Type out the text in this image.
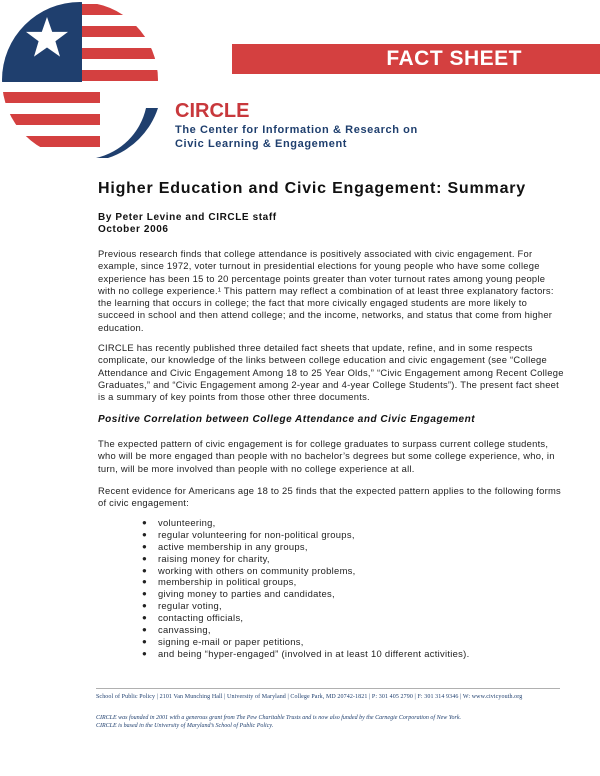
FACT SHEET
CIRCLE
The Center for Information & Research on
Civic Learning & Engagement
Higher Education and Civic Engagement: Summary
By Peter Levine and CIRCLE staff
October 2006

Previous research finds that college attendance is positively associated with civic engagement. For example, since 1972, voter turnout in presidential elections for young people who have some college experience has been 15 to 20 percentage points greater than voter turnout rates among young people with no college experience.¹ This pattern may reflect a combination of at least three explanatory factors: the learning that occurs in college; the fact that more civically engaged students are more likely to succeed in school and then attend college; and the income, networks, and status that come from higher education.

CIRCLE has recently published three detailed fact sheets that update, refine, and in some respects complicate, our knowledge of the links between college education and civic engagement (see “College Attendance and Civic Engagement Among 18 to 25 Year Olds,” “Civic Engagement among Recent College Graduates,” and “Civic Engagement among 2-year and 4-year College Students”). The present fact sheet is a summary of key points from those other three documents.

Positive Correlation between College Attendance and Civic Engagement

The expected pattern of civic engagement is for college graduates to surpass current college students, who will be more engaged than people with no bachelor’s degrees but some college experience, who, in turn, will be more involved than people with no college experience at all.

Recent evidence for Americans age 18 to 25 finds that the expected pattern applies to the following forms of civic engagement:

● volunteering,
● regular volunteering for non-political groups,
● active membership in any groups,
● raising money for charity,
● working with others on community problems,
● membership in political groups,
● giving money to parties and candidates,
● regular voting,
● contacting officials,
● canvassing,
● signing e-mail or paper petitions,
● and being “hyper-engaged” (involved in at least 10 different activities).
School of Public Policy | 2101 Van Munching Hall | University of Maryland | College Park, MD 20742-1821 | P: 301 405 2790 | F: 301 314 9346 | W: www.civicyouth.org
CIRCLE was founded in 2001 with a generous grant from The Pew Charitable Trusts and is now also funded by the Carnegie Corporation of New York.
CIRCLE is based in the University of Maryland’s School of Public Policy.
